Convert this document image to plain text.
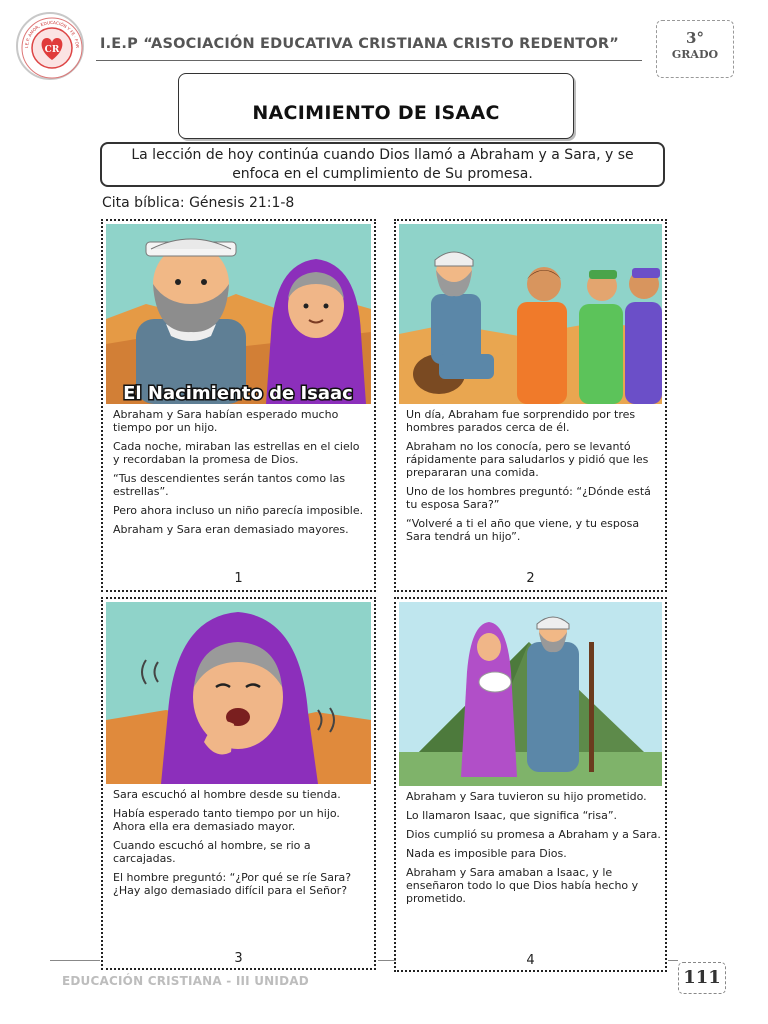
CR
I.E.P. AMOR, EDUCACIÓN Y FE · FOR I.E.P “ASOCIACIÓN EDUCATIVA CRISTIANA CRISTO REDENTOR”	3°
GRADO
NACIMIENTO DE ISAAC
La lección de hoy continúa cuando Dios llamó a Abraham y a Sara, y se
enfoca en el cumplimiento de Su promesa.
Cita bíblica: Génesis 21:1-8
El Nacimiento de Isaac

Abraham y Sara habían esperado mucho tiempo por un hijo.

Cada noche, miraban las estrellas en el cielo y recordaban la promesa de Dios.

“Tus descendientes serán tantos como las estrellas”.

Pero ahora incluso un niño parecía imposible.

Abraham y Sara eran demasiado mayores.

1

Un día, Abraham fue sorprendido por tres hombres parados cerca de él.

Abraham no los conocía, pero se levantó rápidamente para saludarlos y pidió que les prepararan una comida.

Uno de los hombres preguntó: “¿Dónde está tu esposa Sara?”

“Volveré a ti el año que viene, y tu esposa Sara tendrá un hijo”.

2

Sara escuchó al hombre desde su tienda.

Había esperado tanto tiempo por un hijo. Ahora ella era demasiado mayor.

Cuando escuchó al hombre, se rio a carcajadas.

El hombre preguntó: “¿Por qué se ríe Sara? ¿Hay algo demasiado difícil para el Señor?

3

Abraham y Sara tuvieron su hijo prometido.

Lo llamaron Isaac, que significa “risa”.

Dios cumplió su promesa a Abraham y a Sara.

Nada es imposible para Dios.

Abraham y Sara amaban a Isaac, y le enseñaron todo lo que Dios había hecho y prometido.

4
EDUCACIÓN CRISTIANA - III UNIDAD	111
